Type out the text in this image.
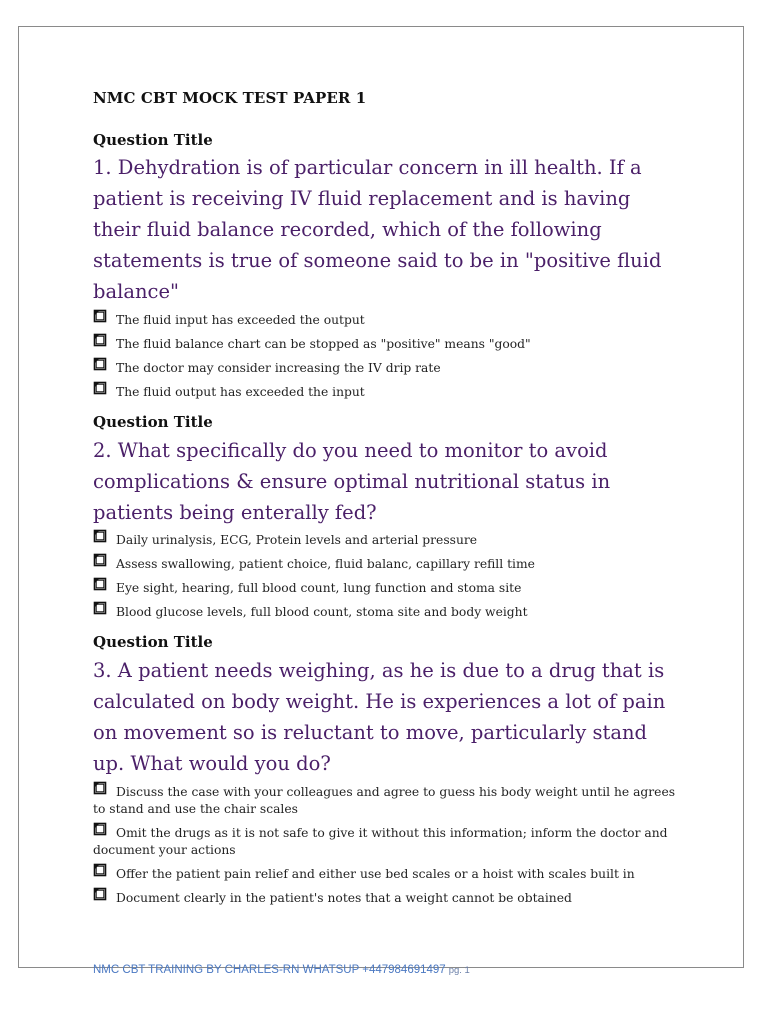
NMC CBT MOCK TEST PAPER 1
Question Title
1. Dehydration is of particular concern in ill health. If a patient is receiving IV fluid replacement and is having their fluid balance recorded, which of the following statements is true of someone said to be in "positive fluid balance"
The fluid input has exceeded the output
The fluid balance chart can be stopped as "positive" means "good"
The doctor may consider increasing the IV drip rate
The fluid output has exceeded the input
Question Title
2. What specifically do you need to monitor to avoid complications & ensure optimal nutritional status in patients being enterally fed?
Daily urinalysis, ECG, Protein levels and arterial pressure
Assess swallowing, patient choice, fluid balanc, capillary refill time
Eye sight, hearing, full blood count, lung function and stoma site
Blood glucose levels, full blood count, stoma site and body weight
Question Title
3. A patient needs weighing, as he is due to a drug that is calculated on body weight. He is experiences a lot of pain on movement so is reluctant to move, particularly stand up. What would you do?
Discuss the case with your colleagues and agree to guess his body weight until he agrees to stand and use the chair scales
Omit the drugs as it is not safe to give it without this information; inform the doctor and document your actions
Offer the patient pain relief and either use bed scales or a hoist with scales built in
Document clearly in the patient's notes that a weight cannot be obtained
NMC CBT TRAINING BY CHARLES-RN WHATSUP +447984691497 pg. 1
